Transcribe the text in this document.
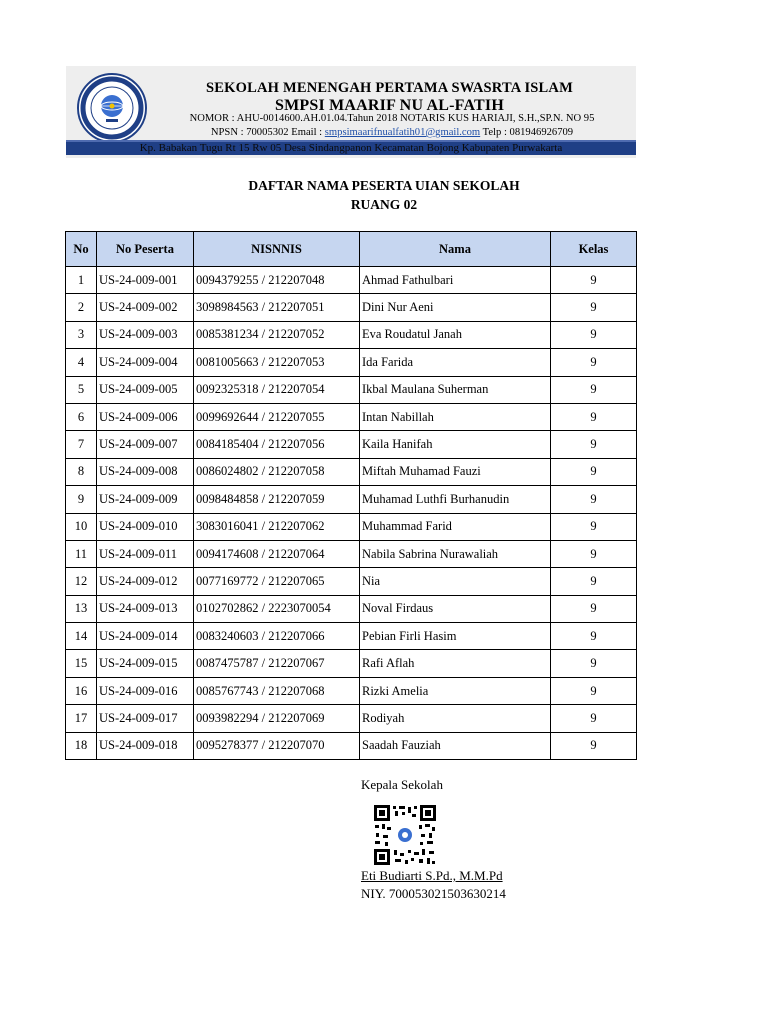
SEKOLAH MENENGAH PERTAMA SWASRTA ISLAM
SMPSI MAARIF NU AL-FATIH
NOMOR : AHU-0014600.AH.01.04.Tahun 2018 NOTARIS KUS HARIAJI, S.H.,SP.N. NO 95
NPSN : 70005302 Email : smpsimaarifnualfatih01@gmail.com Telp : 081946926709
Kp. Babakan Tugu Rt 15 Rw 05 Desa Sindangpanon Kecamatan Bojong Kabupaten Purwakarta
DAFTAR NAMA PESERTA UIAN SEKOLAH
RUANG 02
No	No Peserta	NISNNIS	Nama	Kelas
1	US-24-009-001	0094379255 / 212207048	Ahmad Fathulbari	9
2	US-24-009-002	3098984563 / 212207051	Dini Nur Aeni	9
3	US-24-009-003	0085381234 / 212207052	Eva Roudatul Janah	9
4	US-24-009-004	0081005663 / 212207053	Ida Farida	9
5	US-24-009-005	0092325318 / 212207054	Ikbal Maulana Suherman	9
6	US-24-009-006	0099692644 / 212207055	Intan Nabillah	9
7	US-24-009-007	0084185404 / 212207056	Kaila Hanifah	9
8	US-24-009-008	0086024802 / 212207058	Miftah Muhamad Fauzi	9
9	US-24-009-009	0098484858 / 212207059	Muhamad Luthfi Burhanudin	9
10	US-24-009-010	3083016041 / 212207062	Muhammad Farid	9
11	US-24-009-011	0094174608 / 212207064	Nabila Sabrina Nurawaliah	9
12	US-24-009-012	0077169772 / 212207065	Nia	9
13	US-24-009-013	0102702862 / 2223070054	Noval Firdaus	9
14	US-24-009-014	0083240603 / 212207066	Pebian Firli Hasim	9
15	US-24-009-015	0087475787 / 212207067	Rafi Aflah	9
16	US-24-009-016	0085767743 / 212207068	Rizki Amelia	9
17	US-24-009-017	0093982294 / 212207069	Rodiyah	9
18	US-24-009-018	0095278377 / 212207070	Saadah Fauziah	9
Kepala Sekolah
Eti Budiarti S.Pd., M.M.Pd
NIY. 700053021503630214
